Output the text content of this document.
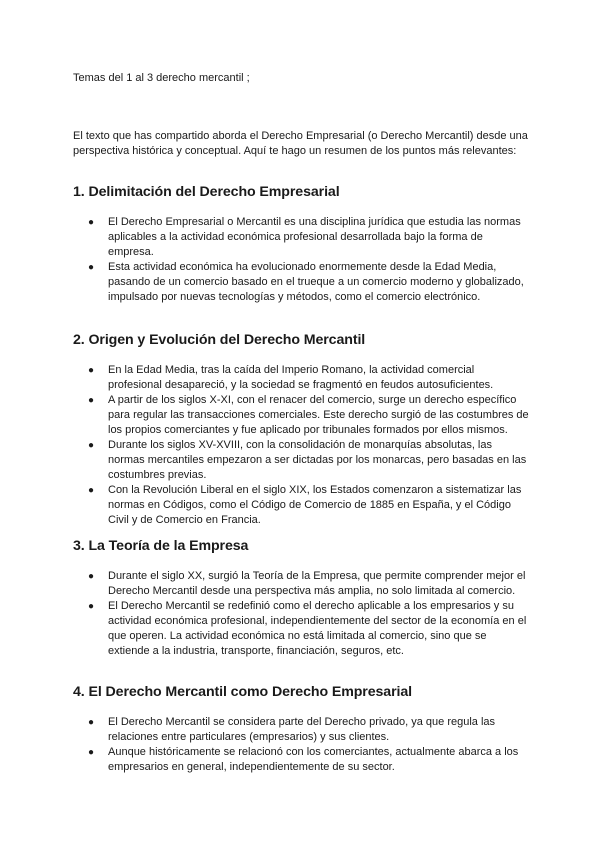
Temas del 1 al 3 derecho mercantil ;

El texto que has compartido aborda el Derecho Empresarial (o Derecho Mercantil) desde una perspectiva histórica y conceptual. Aquí te hago un resumen de los puntos más relevantes:

1. Delimitación del Derecho Empresarial
● El Derecho Empresarial o Mercantil es una disciplina jurídica que estudia las normas aplicables a la actividad económica profesional desarrollada bajo la forma de empresa.
● Esta actividad económica ha evolucionado enormemente desde la Edad Media, pasando de un comercio basado en el trueque a un comercio moderno y globalizado, impulsado por nuevas tecnologías y métodos, como el comercio electrónico.
2. Origen y Evolución del Derecho Mercantil
● En la Edad Media, tras la caída del Imperio Romano, la actividad comercial profesional desapareció, y la sociedad se fragmentó en feudos autosuficientes.
● A partir de los siglos X-XI, con el renacer del comercio, surge un derecho específico para regular las transacciones comerciales. Este derecho surgió de las costumbres de los propios comerciantes y fue aplicado por tribunales formados por ellos mismos.
● Durante los siglos XV-XVIII, con la consolidación de monarquías absolutas, las normas mercantiles empezaron a ser dictadas por los monarcas, pero basadas en las costumbres previas.
● Con la Revolución Liberal en el siglo XIX, los Estados comenzaron a sistematizar las normas en Códigos, como el Código de Comercio de 1885 en España, y el Código Civil y de Comercio en Francia.
3. La Teoría de la Empresa
● Durante el siglo XX, surgió la Teoría de la Empresa, que permite comprender mejor el Derecho Mercantil desde una perspectiva más amplia, no solo limitada al comercio.
● El Derecho Mercantil se redefinió como el derecho aplicable a los empresarios y su actividad económica profesional, independientemente del sector de la economía en el que operen. La actividad económica no está limitada al comercio, sino que se extiende a la industria, transporte, financiación, seguros, etc.
4. El Derecho Mercantil como Derecho Empresarial
● El Derecho Mercantil se considera parte del Derecho privado, ya que regula las relaciones entre particulares (empresarios) y sus clientes.
● Aunque históricamente se relacionó con los comerciantes, actualmente abarca a los empresarios en general, independientemente de su sector.
